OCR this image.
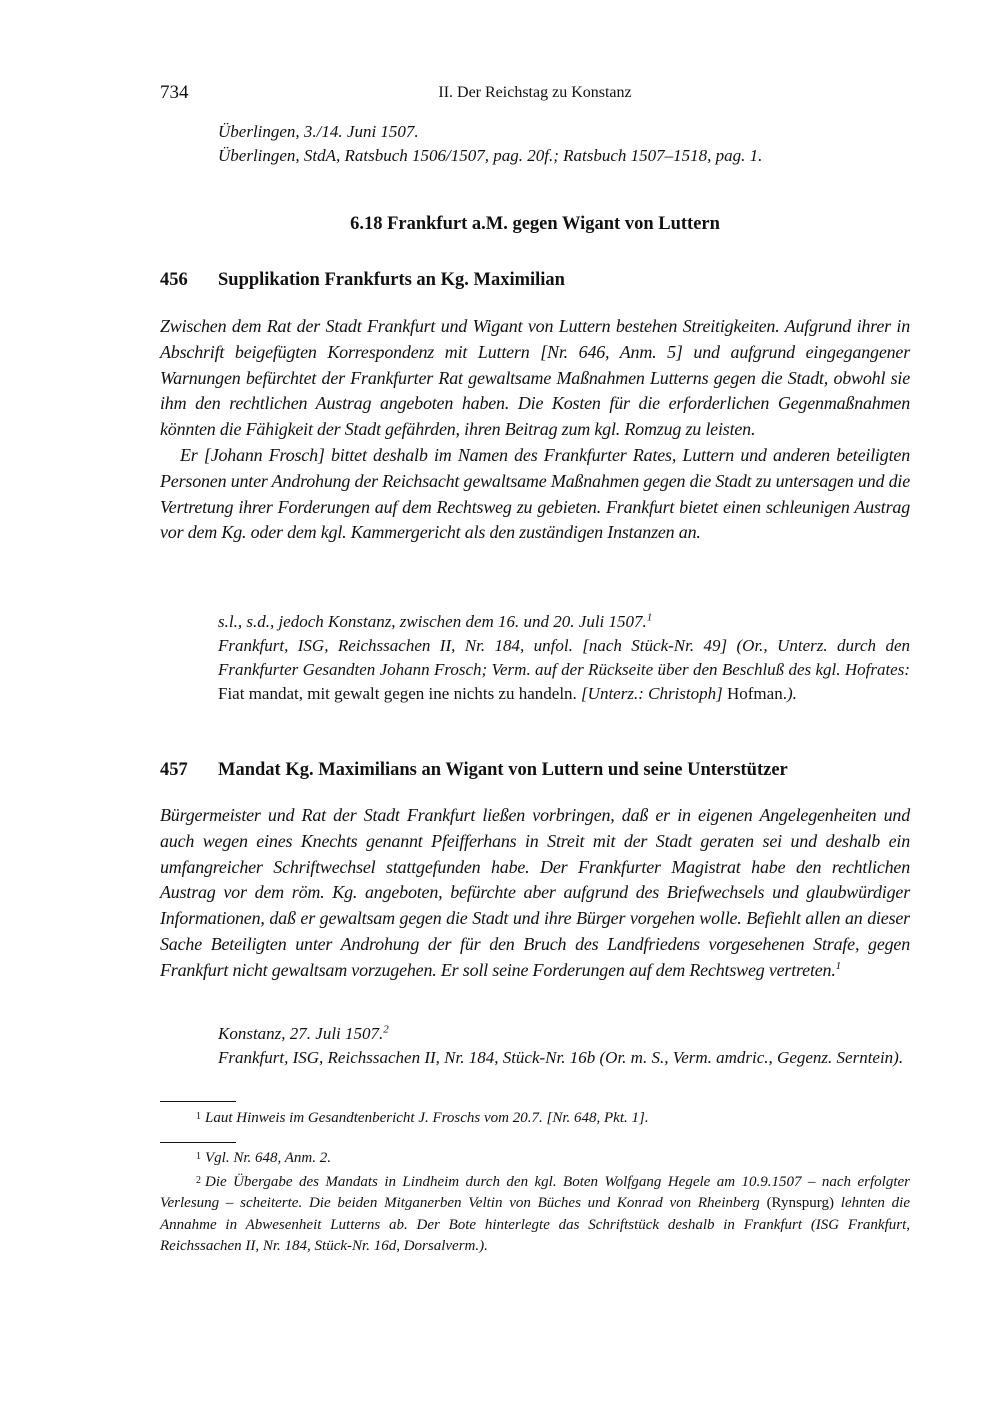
734	II. Der Reichstag zu Konstanz
Überlingen, 3./14. Juni 1507.
Überlingen, StdA, Ratsbuch 1506/1507, pag. 20f.; Ratsbuch 1507–1518, pag. 1.
6.18 Frankfurt a.M. gegen Wigant von Luttern
456 Supplikation Frankfurts an Kg. Maximilian

Zwischen dem Rat der Stadt Frankfurt und Wigant von Luttern bestehen Streitigkeiten. Aufgrund ihrer in Abschrift beigefügten Korrespondenz mit Luttern [Nr. 646, Anm. 5] und aufgrund eingegangener Warnungen befürchtet der Frankfurter Rat gewaltsame Maßnahmen Lutterns gegen die Stadt, obwohl sie ihm den rechtlichen Austrag angeboten haben. Die Kosten für die erforderlichen Gegenmaßnahmen könnten die Fähigkeit der Stadt gefährden, ihren Beitrag zum kgl. Romzug zu leisten.

Er [Johann Frosch] bittet deshalb im Namen des Frankfurter Rates, Luttern und anderen beteiligten Personen unter Androhung der Reichsacht gewaltsame Maßnahmen gegen die Stadt zu untersagen und die Vertretung ihrer Forderungen auf dem Rechtsweg zu gebieten. Frankfurt bietet einen schleunigen Austrag vor dem Kg. oder dem kgl. Kammergericht als den zuständigen Instanzen an.

s.l., s.d., jedoch Konstanz, zwischen dem 16. und 20. Juli 1507.$^1$
Frankfurt, ISG, Reichssachen II, Nr. 184, unfol. [nach Stück-Nr. 49] (Or., Unterz. durch den Frankfurter Gesandten Johann Frosch; Verm. auf der Rückseite über den Beschluß des kgl. Hofrates: Fiat mandat, mit gewalt gegen ine nichts zu handeln. [Unterz.: Christoph] Hofman.).
457 Mandat Kg. Maximilians an Wigant von Luttern und seine Unterstützer

Bürgermeister und Rat der Stadt Frankfurt ließen vorbringen, daß er in eigenen Angelegenheiten und auch wegen eines Knechts genannt Pfeifferhans in Streit mit der Stadt geraten sei und deshalb ein umfangreicher Schriftwechsel stattgefunden habe. Der Frankfurter Magistrat habe den rechtlichen Austrag vor dem röm. Kg. angeboten, befürchte aber aufgrund des Briefwechsels und glaubwürdiger Informationen, daß er gewaltsam gegen die Stadt und ihre Bürger vorgehen wolle. Befiehlt allen an dieser Sache Beteiligten unter Androhung der für den Bruch des Landfriedens vorgesehenen Strafe, gegen Frankfurt nicht gewaltsam vorzugehen. Er soll seine Forderungen auf dem Rechtsweg vertreten.$^1$

Konstanz, 27. Juli 1507.$^2$
Frankfurt, ISG, Reichssachen II, Nr. 184, Stück-Nr. 16b (Or. m. S., Verm. amdric., Gegenz. Serntein).

$^1$ Laut Hinweis im Gesandtenbericht J. Froschs vom 20.7. [Nr. 648, Pkt. 1].

$^1$ Vgl. Nr. 648, Anm. 2.

$^2$ Die Übergabe des Mandats in Lindheim durch den kgl. Boten Wolfgang Hegele am 10.9.1507 – nach erfolgter Verlesung – scheiterte. Die beiden Mitganerben Veltin von Büches und Konrad von Rheinberg (Rynspurg) lehnten die Annahme in Abwesenheit Lutterns ab. Der Bote hinterlegte das Schriftstück deshalb in Frankfurt (ISG Frankfurt, Reichssachen II, Nr. 184, Stück-Nr. 16d, Dorsalverm.).
